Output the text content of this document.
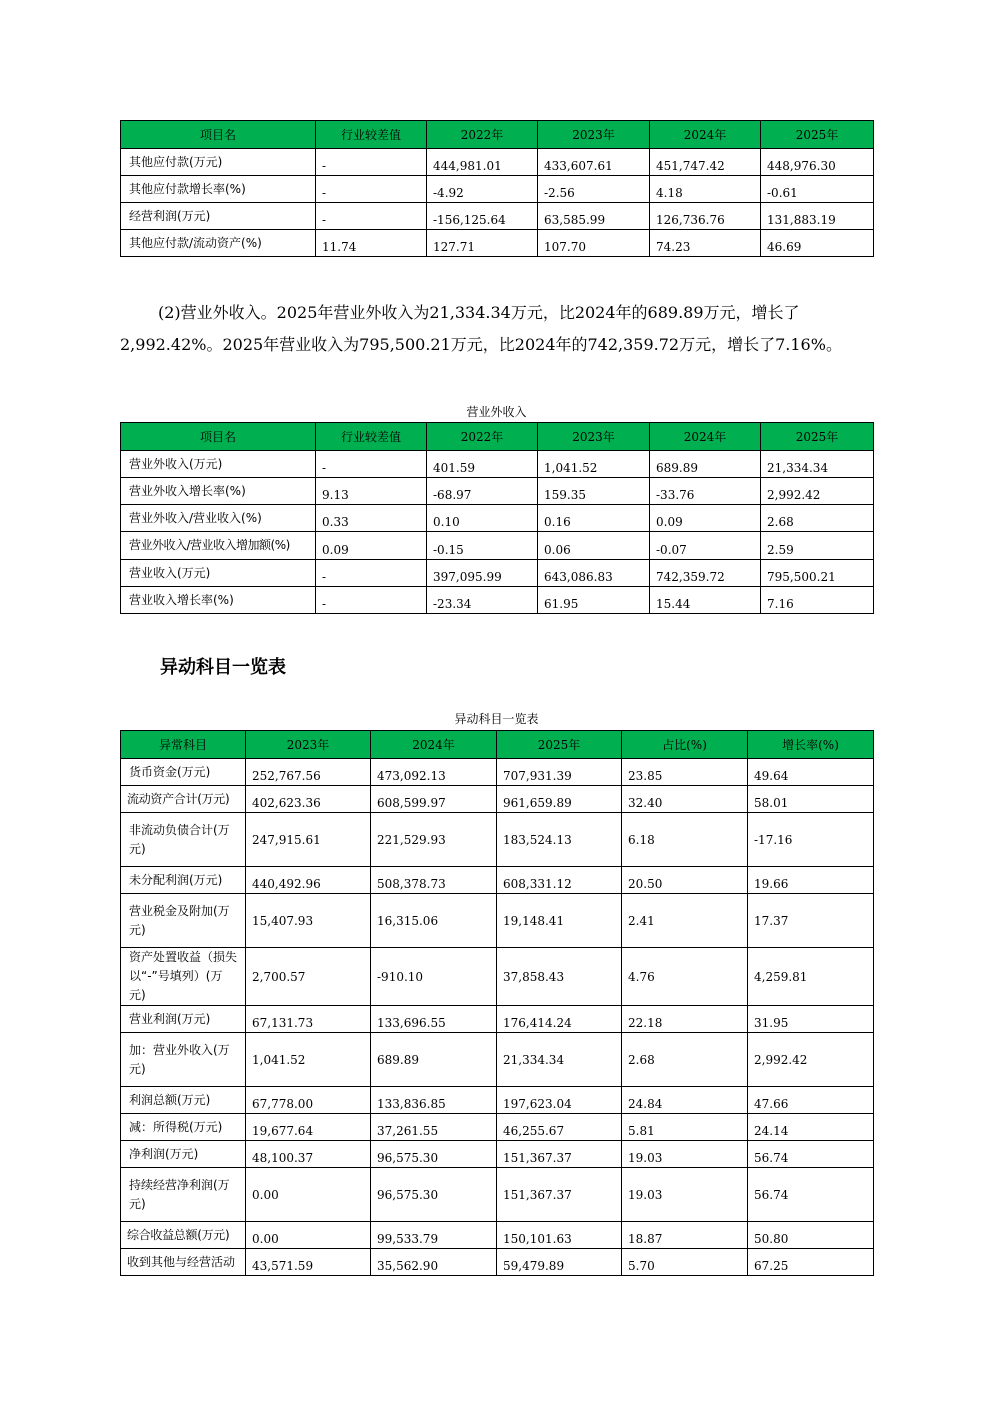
项目名	行业较差值	2022年	2023年	2024年	2025年
其他应付款(万元)	-	444,981.01	433,607.61	451,747.42	448,976.30
其他应付款增长率(%)	-	-4.92	-2.56	4.18	-0.61
经营利润(万元)	-	-156,125.64	63,585.99	126,736.76	131,883.19
其他应付款/流动资产(%)	11.74	127.71	107.70	74.23	46.69
(2)营业外收入。2025年营业外收入为21,334.34万元，比2024年的689.89万元，增长了2,992.42%。2025年营业收入为795,500.21万元，比2024年的742,359.72万元，增长了7.16%。
营业外收入
项目名	行业较差值	2022年	2023年	2024年	2025年
营业外收入(万元)	-	401.59	1,041.52	689.89	21,334.34
营业外收入增长率(%)	9.13	-68.97	159.35	-33.76	2,992.42
营业外收入/营业收入(%)	0.33	0.10	0.16	0.09	2.68
营业外收入/营业收入增加额(%)	0.09	-0.15	0.06	-0.07	2.59
营业收入(万元)	-	397,095.99	643,086.83	742,359.72	795,500.21
营业收入增长率(%)	-	-23.34	61.95	15.44	7.16
异动科目一览表
异动科目一览表
异常科目	2023年	2024年	2025年	占比(%)	增长率(%)
货币资金(万元)	252,767.56	473,092.13	707,931.39	23.85	49.64
流动资产合计(万元)	402,623.36	608,599.97	961,659.89	32.40	58.01
非流动负债合计(万元)	247,915.61	221,529.93	183,524.13	6.18	-17.16
未分配利润(万元)	440,492.96	508,378.73	608,331.12	20.50	19.66
营业税金及附加(万元)	15,407.93	16,315.06	19,148.41	2.41	17.37
资产处置收益（损失以“-”号填列）(万元)	2,700.57	-910.10	37,858.43	4.76	4,259.81
营业利润(万元)	67,131.73	133,696.55	176,414.24	22.18	31.95
加：营业外收入(万元)	1,041.52	689.89	21,334.34	2.68	2,992.42
利润总额(万元)	67,778.00	133,836.85	197,623.04	24.84	47.66
减：所得税(万元)	19,677.64	37,261.55	46,255.67	5.81	24.14
净利润(万元)	48,100.37	96,575.30	151,367.37	19.03	56.74
持续经营净利润(万元)	0.00	96,575.30	151,367.37	19.03	56.74
综合收益总额(万元)	0.00	99,533.79	150,101.63	18.87	50.80
收到其他与经营活动	43,571.59	35,562.90	59,479.89	5.70	67.25
